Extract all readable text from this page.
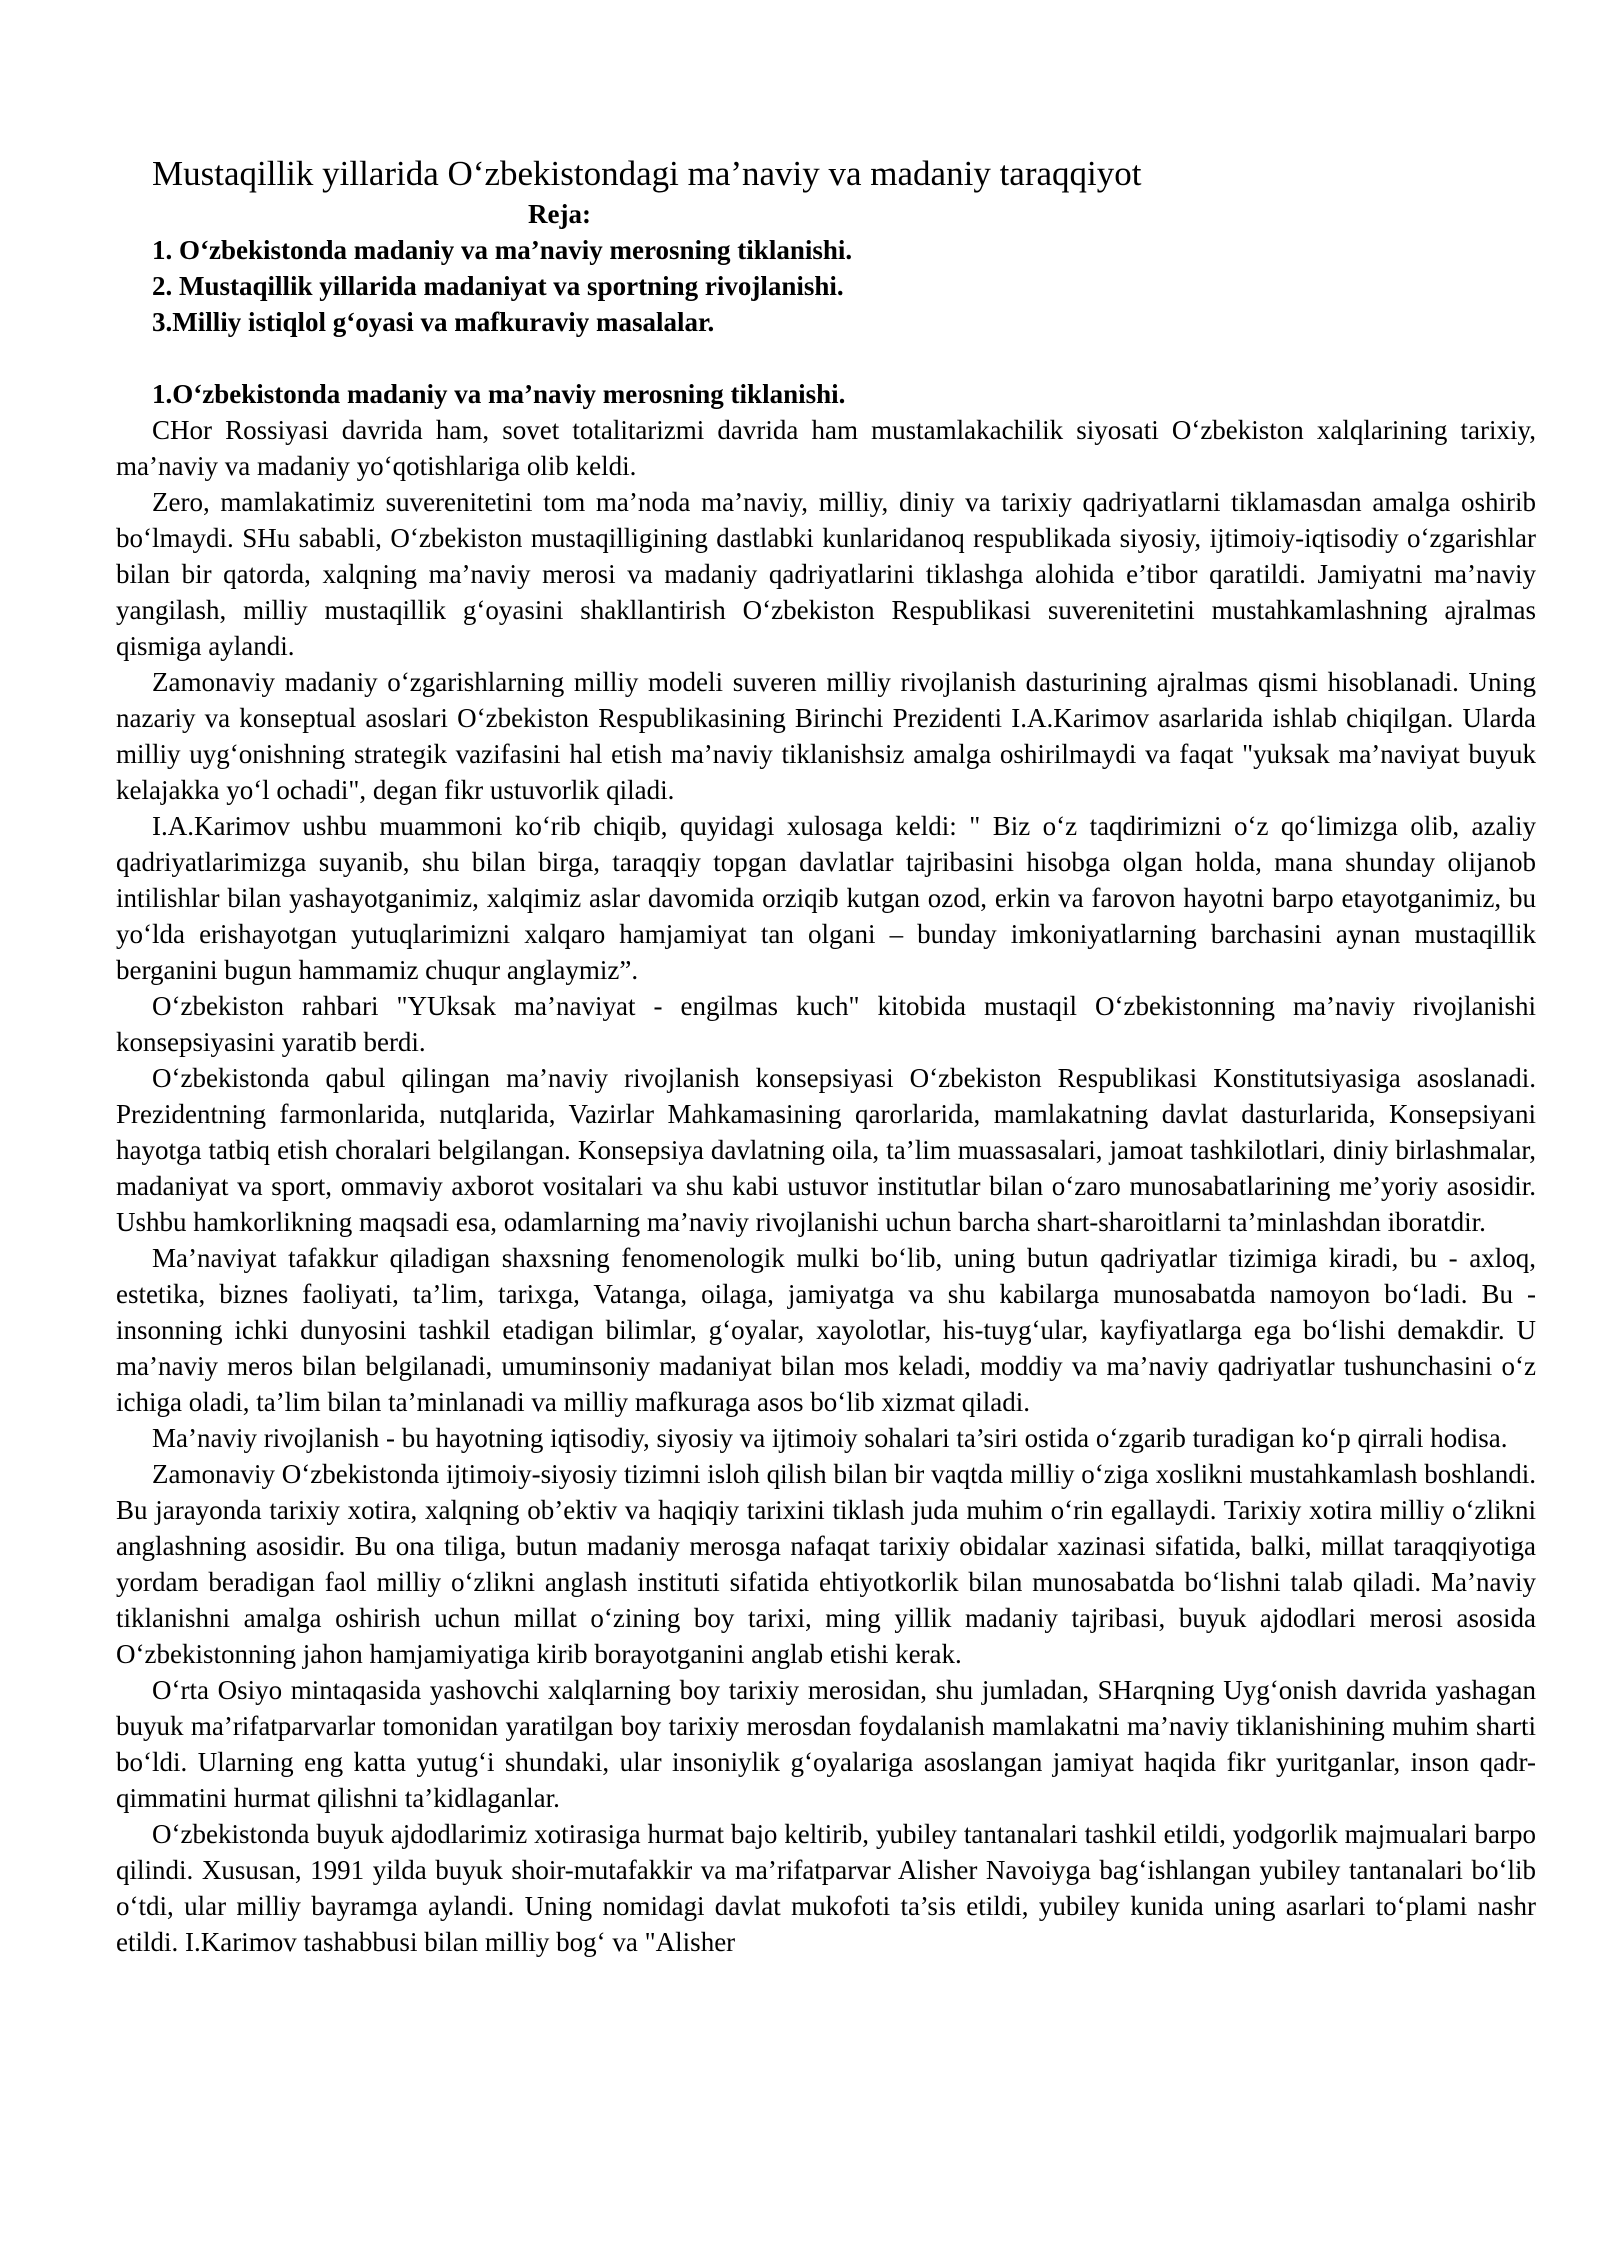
Mustaqillik yillarida O‘zbekistondagi ma’naviy va madaniy taraqqiyot
Reja:
1. O‘zbekistonda madaniy va ma’naviy merosning tiklanishi.
2. Mustaqillik yillarida madaniyat va sportning rivojlanishi.
3.Milliy istiqlol g‘oyasi va mafkuraviy masalalar.
1.O‘zbekistonda madaniy va ma’naviy merosning tiklanishi.

CHor Rossiyasi davrida ham, sovet totalitarizmi davrida ham mustamlakachilik siyosati O‘zbekiston xalqlarining tarixiy, ma’naviy va madaniy yo‘qotishlariga olib keldi.

Zero, mamlakatimiz suverenitetini tom ma’noda ma’naviy, milliy, diniy va tarixiy qadriyatlarni tiklamasdan amalga oshirib bo‘lmaydi. SHu sababli, O‘zbekiston mustaqilligining dastlabki kunlaridanoq respublikada siyosiy, ijtimoiy-iqtisodiy o‘zgarishlar bilan bir qatorda, xalqning ma’naviy merosi va madaniy qadriyatlarini tiklashga alohida e’tibor qaratildi. Jamiyatni ma’naviy yangilash, milliy mustaqillik g‘oyasini shakllantirish O‘zbekiston Respublikasi suverenitetini mustahkamlashning ajralmas qismiga aylandi.

Zamonaviy madaniy o‘zgarishlarning milliy modeli suveren milliy rivojlanish dasturining ajralmas qismi hisoblanadi. Uning nazariy va konseptual asoslari O‘zbekiston Respublikasining Birinchi Prezidenti I.A.Karimov asarlarida ishlab chiqilgan. Ularda milliy uyg‘onishning strategik vazifasini hal etish ma’naviy tiklanishsiz amalga oshirilmaydi va faqat "yuksak ma’naviyat buyuk kelajakka yo‘l ochadi", degan fikr ustuvorlik qiladi.

I.A.Karimov ushbu muammoni ko‘rib chiqib, quyidagi xulosaga keldi: " Biz o‘z taqdirimizni o‘z qo‘limizga olib, azaliy qadriyatlarimizga suyanib, shu bilan birga, taraqqiy topgan davlatlar tajribasini hisobga olgan holda, mana shunday olijanob intilishlar bilan yashayotganimiz, xalqimiz aslar davomida orziqib kutgan ozod, erkin va farovon hayotni barpo etayotganimiz, bu yo‘lda erishayotgan yutuqlarimizni xalqaro hamjamiyat tan olgani – bunday imkoniyatlarning barchasini aynan mustaqillik berganini bugun hammamiz chuqur anglaymiz”.

O‘zbekiston rahbari "YUksak ma’naviyat - engilmas kuch" kitobida mustaqil O‘zbekistonning ma’naviy rivojlanishi konsepsiyasini yaratib berdi.

O‘zbekistonda qabul qilingan ma’naviy rivojlanish konsepsiyasi O‘zbekiston Respublikasi Konstitutsiyasiga asoslanadi. Prezidentning farmonlarida, nutqlarida, Vazirlar Mahkamasining qarorlarida, mamlakatning davlat dasturlarida, Konsepsiyani hayotga tatbiq etish choralari belgilangan. Konsepsiya davlatning oila, ta’lim muassasalari, jamoat tashkilotlari, diniy birlashmalar, madaniyat va sport, ommaviy axborot vositalari va shu kabi ustuvor institutlar bilan o‘zaro munosabatlarining me’yoriy asosidir. Ushbu hamkorlikning maqsadi esa, odamlarning ma’naviy rivojlanishi uchun barcha shart-sharoitlarni ta’minlashdan iboratdir.

Ma’naviyat tafakkur qiladigan shaxsning fenomenologik mulki bo‘lib, uning butun qadriyatlar tizimiga kiradi, bu - axloq, estetika, biznes faoliyati, ta’lim, tarixga, Vatanga, oilaga, jamiyatga va shu kabilarga munosabatda namoyon bo‘ladi. Bu - insonning ichki dunyosini tashkil etadigan bilimlar, g‘oyalar, xayolotlar, his-tuyg‘ular, kayfiyatlarga ega bo‘lishi demakdir. U ma’naviy meros bilan belgilanadi, umuminsoniy madaniyat bilan mos keladi, moddiy va ma’naviy qadriyatlar tushunchasini o‘z ichiga oladi, ta’lim bilan ta’minlanadi va milliy mafkuraga asos bo‘lib xizmat qiladi.

Ma’naviy rivojlanish - bu hayotning iqtisodiy, siyosiy va ijtimoiy sohalari ta’siri ostida o‘zgarib turadigan ko‘p qirrali hodisa.

Zamonaviy O‘zbekistonda ijtimoiy-siyosiy tizimni isloh qilish bilan bir vaqtda milliy o‘ziga xoslikni mustahkamlash boshlandi. Bu jarayonda tarixiy xotira, xalqning ob’ektiv va haqiqiy tarixini tiklash juda muhim o‘rin egallaydi. Tarixiy xotira milliy o‘zlikni anglashning asosidir. Bu ona tiliga, butun madaniy merosga nafaqat tarixiy obidalar xazinasi sifatida, balki, millat taraqqiyotiga yordam beradigan faol milliy o‘zlikni anglash instituti sifatida ehtiyotkorlik bilan munosabatda bo‘lishni talab qiladi. Ma’naviy tiklanishni amalga oshirish uchun millat o‘zining boy tarixi, ming yillik madaniy tajribasi, buyuk ajdodlari merosi asosida O‘zbekistonning jahon hamjamiyatiga kirib borayotganini anglab etishi kerak.

O‘rta Osiyo mintaqasida yashovchi xalqlarning boy tarixiy merosidan, shu jumladan, SHarqning Uyg‘onish davrida yashagan buyuk ma’rifatparvarlar tomonidan yaratilgan boy tarixiy merosdan foydalanish mamlakatni ma’naviy tiklanishining muhim sharti bo‘ldi. Ularning eng katta yutug‘i shundaki, ular insoniylik g‘oyalariga asoslangan jamiyat haqida fikr yuritganlar, inson qadr-qimmatini hurmat qilishni ta’kidlaganlar.

O‘zbekistonda buyuk ajdodlarimiz xotirasiga hurmat bajo keltirib, yubiley tantanalari tashkil etildi, yodgorlik majmualari barpo qilindi. Xususan, 1991 yilda buyuk shoir-mutafakkir va ma’rifatparvar Alisher Navoiyga bag‘ishlangan yubiley tantanalari bo‘lib o‘tdi, ular milliy bayramga aylandi. Uning nomidagi davlat mukofoti ta’sis etildi, yubiley kunida uning asarlari to‘plami nashr etildi. I.Karimov tashabbusi bilan milliy bog‘ va "Alisher
